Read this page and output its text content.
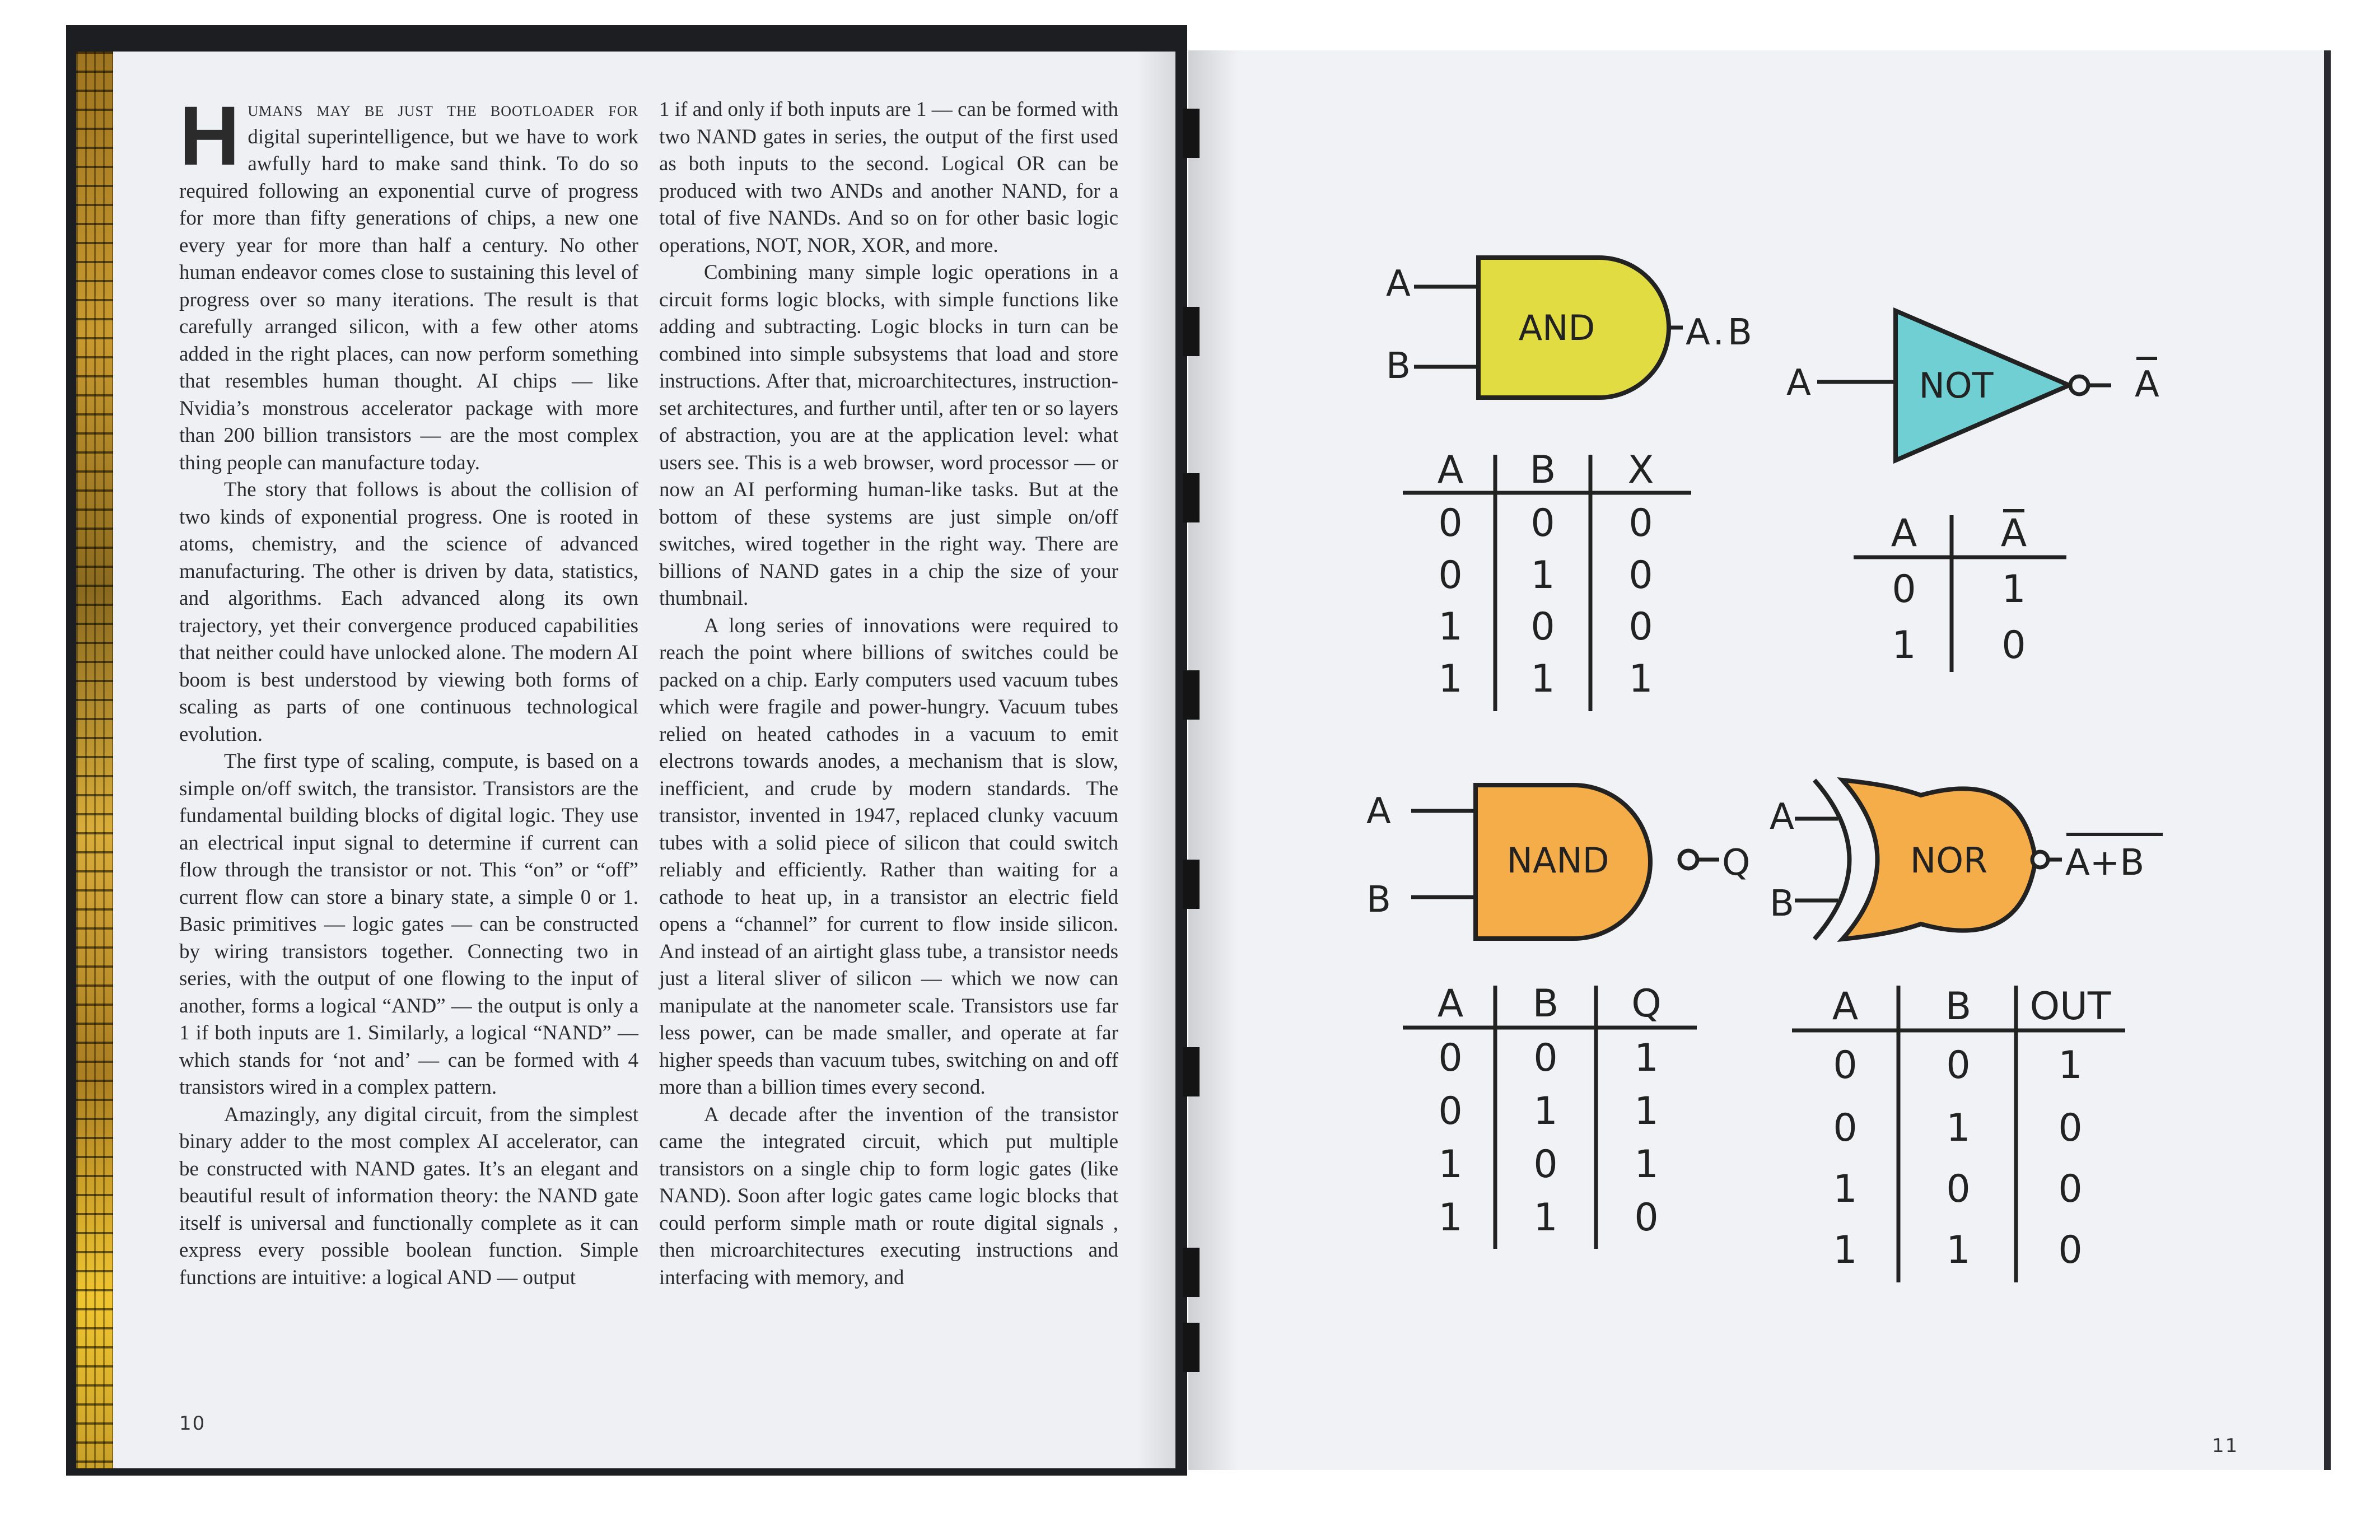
Humans may be just the bootloader for digital superintelligence, but we have to work awfully hard to make sand think. To do so required following an exponential curve of progress for more than fifty generations of chips, a new one every year for more than half a century. No other human endeavor comes close to sustaining this level of progress over so many iterations. The result is that carefully arranged silicon, with a few other atoms added in the right places, can now perform something that resembles human thought. AI chips — like Nvidia’s monstrous accelerator package with more than 200 billion transistors — are the most complex thing people can manufacture today.

The story that follows is about the collision of two kinds of exponential progress. One is rooted in atoms, chemistry, and the science of advanced manufacturing. The other is driven by data, statistics, and algorithms. Each advanced along its own trajectory, yet their convergence produced capabilities that neither could have unlocked alone. The modern AI boom is best understood by viewing both forms of scaling as parts of one continuous technological evolution.

The first type of scaling, compute, is based on a simple on/off switch, the transistor. Transistors are the fundamental building blocks of digital logic. They use an electrical input signal to determine if current can flow through the transistor or not. This “on” or “off” current flow can store a binary state, a simple 0 or 1. Basic primitives — logic gates — can be constructed by wiring transistors together. Connecting two in series, with the output of one flowing to the input of another, forms a logical “AND” — the output is only a 1 if both inputs are 1. Similarly, a logical “NAND” — which stands for ‘not and’ — can be formed with 4 transistors wired in a complex pattern.

Amazingly, any digital circuit, from the simplest binary adder to the most complex AI accelerator, can be constructed with NAND gates. It’s an elegant and beautiful result of information theory: the NAND gate itself is universal and functionally complete as it can express every possible boolean function. Simple functions are intuitive: a logical AND — output

1 if and only if both inputs are 1 — can be formed with two NAND gates in series, the output of the first used as both inputs to the second. Logical OR can be produced with two ANDs and another NAND, for a total of five NANDs. And so on for other basic logic operations, NOT, NOR, XOR, and more.

Combining many simple logic operations in a circuit forms logic blocks, with simple functions like adding and subtracting. Logic blocks in turn can be combined into simple subsystems that load and store instructions. After that, microarchitectures, instruction-set architectures, and further until, after ten or so layers of abstraction, you are at the application level: what users see. This is a web browser, word processor — or now an AI performing human-like tasks. But at the bottom of these systems are just simple on/off switches, wired together in the right way. There are billions of NAND gates in a chip the size of your thumbnail.

A long series of innovations were required to reach the point where billions of switches could be packed on a chip. Early computers used vacuum tubes which were fragile and power-hungry. Vacuum tubes relied on heated cathodes in a vacuum to emit electrons towards anodes, a mechanism that is slow, inefficient, and crude by modern standards. The transistor, invented in 1947, replaced clunky vacuum tubes with a solid piece of silicon that could switch reliably and efficiently. Rather than waiting for a cathode to heat up, in a transistor an electric field opens a “channel” for current to flow inside silicon. And instead of an airtight glass tube, a transistor needs just a literal sliver of silicon — which we now can manipulate at the nanometer scale. Transistors use far less power, can be made smaller, and operate at far higher speeds than vacuum tubes, switching on and off more than a billion times every second.

A decade after the invention of the transistor came the integrated circuit, which put multiple transistors on a single chip to form logic gates (like NAND). Soon after logic gates came logic blocks that could perform simple math or route digital signals , then microarchitectures executing instructions and interfacing with memory, and

10
11
AND
A
B
A.B
NOT
A	A
NAND
A
B
Q	NOR
A
B
A+B
A B X
0 0 0
0 1 0
1 0 0
1 1 1
A A
0 1
1 0
A B Q
0 0 1
0 1 1
1 0 1
1 1 0
A B OUT
0 0 1
0 1 0
1 0 0
1 1 0
